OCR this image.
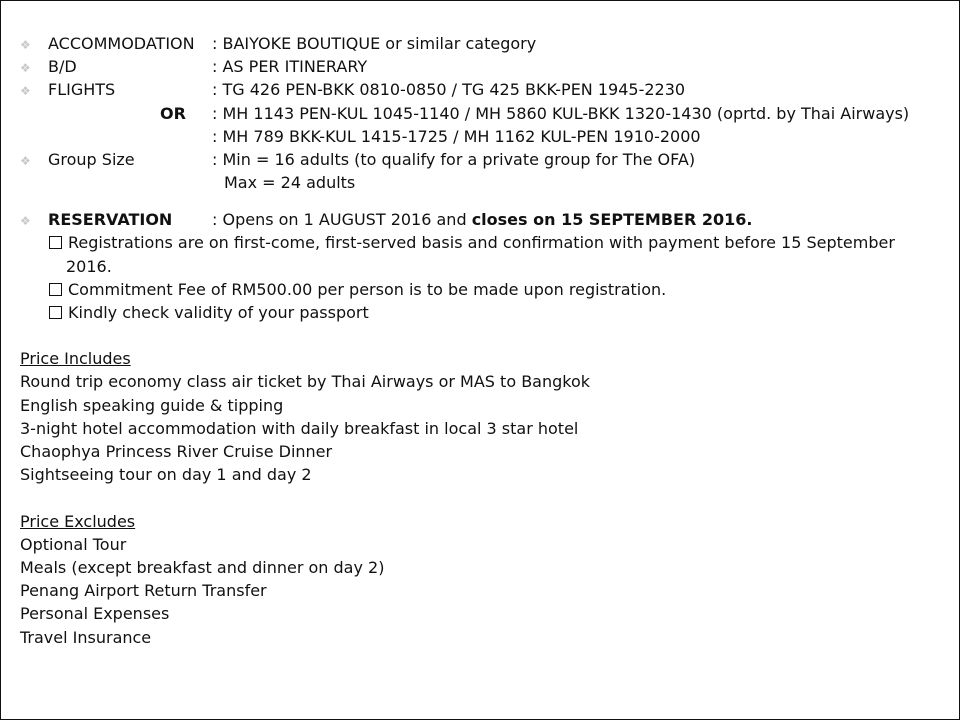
❖ ACCOMMODATION : BAIYOKE BOUTIQUE or similar category
❖ B/D	: AS PER ITINERARY
❖ FLIGHTS	: TG 426 PEN-BKK 0810-0850 / TG 425 BKK-PEN 1945-2230
OR : MH 1143 PEN-KUL 1045-1140 / MH 5860 KUL-BKK 1320-1430 (oprtd. by Thai Airways)
: MH 789 BKK-KUL 1415-1725 / MH 1162 KUL-PEN 1910-2000
❖ Group Size	: Min = 16 adults (to qualify for a private group for The OFA)
Max = 24 adults
❖ RESERVATION : Opens on 1 AUGUST 2016 and closes on 15 SEPTEMBER 2016.
Registrations are on first-come, first-served basis and confirmation with payment before 15 September
2016.
Commitment Fee of RM500.00 per person is to be made upon registration.
Kindly check validity of your passport
Price Includes
Round trip economy class air ticket by Thai Airways or MAS to Bangkok
English speaking guide & tipping
3-night hotel accommodation with daily breakfast in local 3 star hotel
Chaophya Princess River Cruise Dinner
Sightseeing tour on day 1 and day 2
Price Excludes
Optional Tour
Meals (except breakfast and dinner on day 2)
Penang Airport Return Transfer
Personal Expenses
Travel Insurance
